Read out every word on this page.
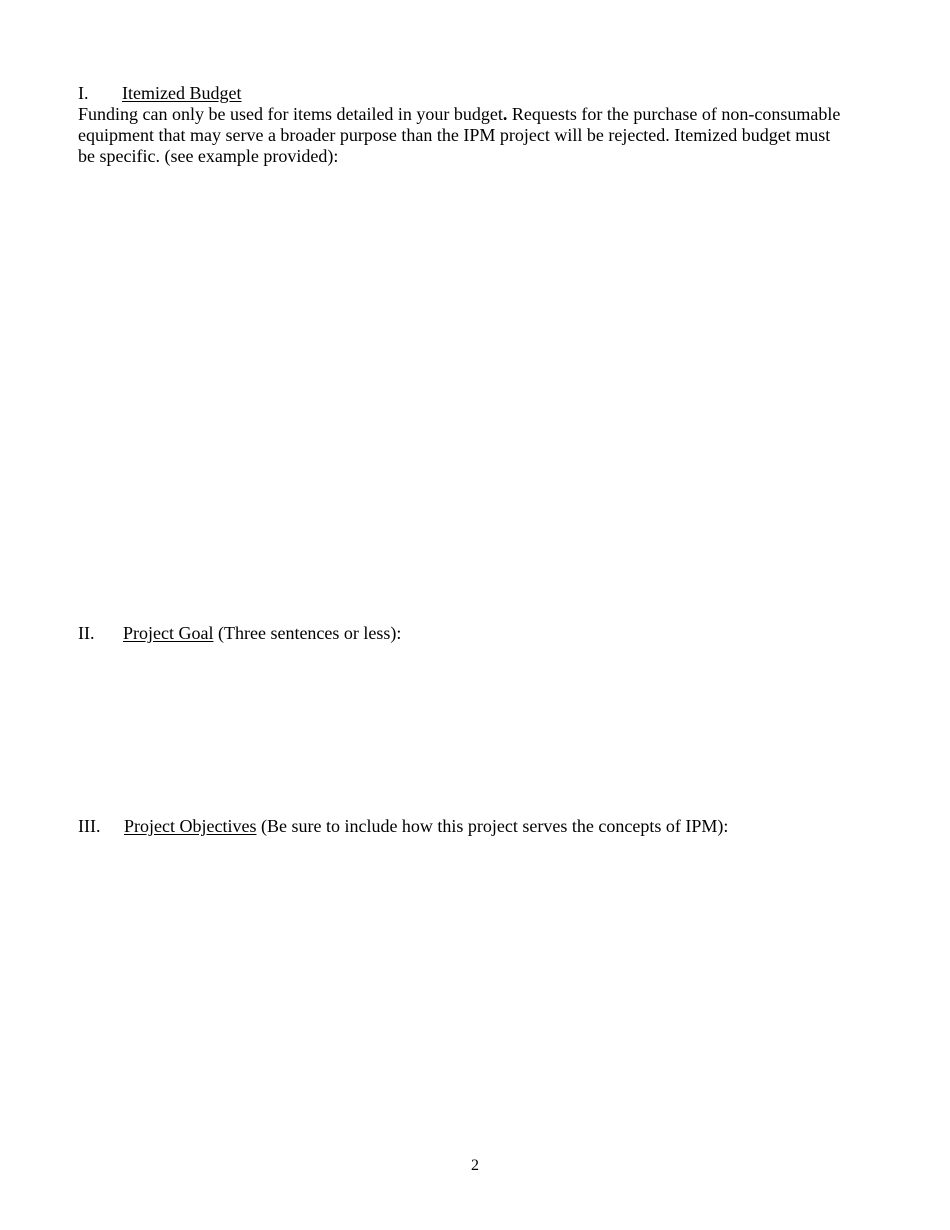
I. Itemized Budget
Funding can only be used for items detailed in your budget. Requests for the purchase of non-consumable
equipment that may serve a broader purpose than the IPM project will be rejected. Itemized budget must
be specific. (see example provided):
II. Project Goal (Three sentences or less):
III. Project Objectives (Be sure to include how this project serves the concepts of IPM):
2
